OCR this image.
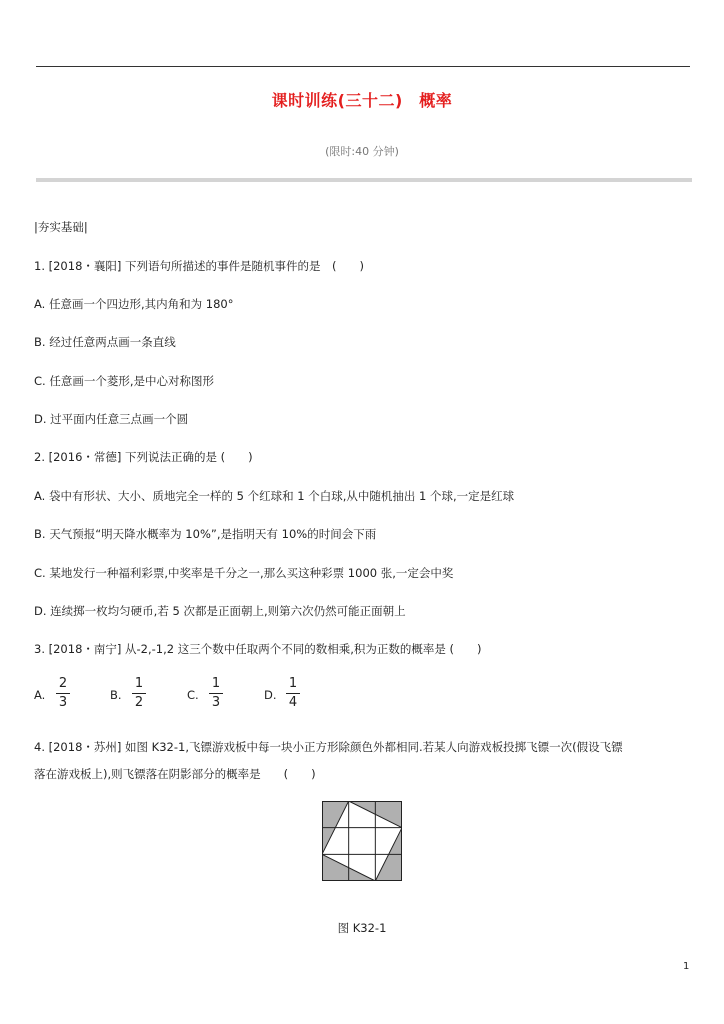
课时训练(三十二)　概率
(限时:40 分钟)
|夯实基础|
1. [2018・襄阳] 下列语句所描述的事件是随机事件的是　(　　)
A. 任意画一个四边形,其内角和为 180°
B. 经过任意两点画一条直线
C. 任意画一个菱形,是中心对称图形
D. 过平面内任意三点画一个圆
2. [2016・常德] 下列说法正确的是 (　　)
A. 袋中有形状、大小、质地完全一样的 5 个红球和 1 个白球,从中随机抽出 1 个球,一定是红球
B. 天气预报“明天降水概率为 10%”,是指明天有 10%的时间会下雨
C. 某地发行一种福利彩票,中奖率是千分之一,那么买这种彩票 1000 张,一定会中奖
D. 连续掷一枚均匀硬币,若 5 次都是正面朝上,则第六次仍然可能正面朝上
3. [2018・南宁] 从-2,-1,2 这三个数中任取两个不同的数相乘,积为正数的概率是 (　　)
A.
2
3	B.
1
2	C.
1
3	D.
1
4
4. [2018・苏州] 如图 K32-1,飞镖游戏板中每一块小正方形除颜色外都相同.若某人向游戏板投掷飞镖一次(假设飞镖
落在游戏板上),则飞镖落在阴影部分的概率是　　(　　)
图 K32-1
1
